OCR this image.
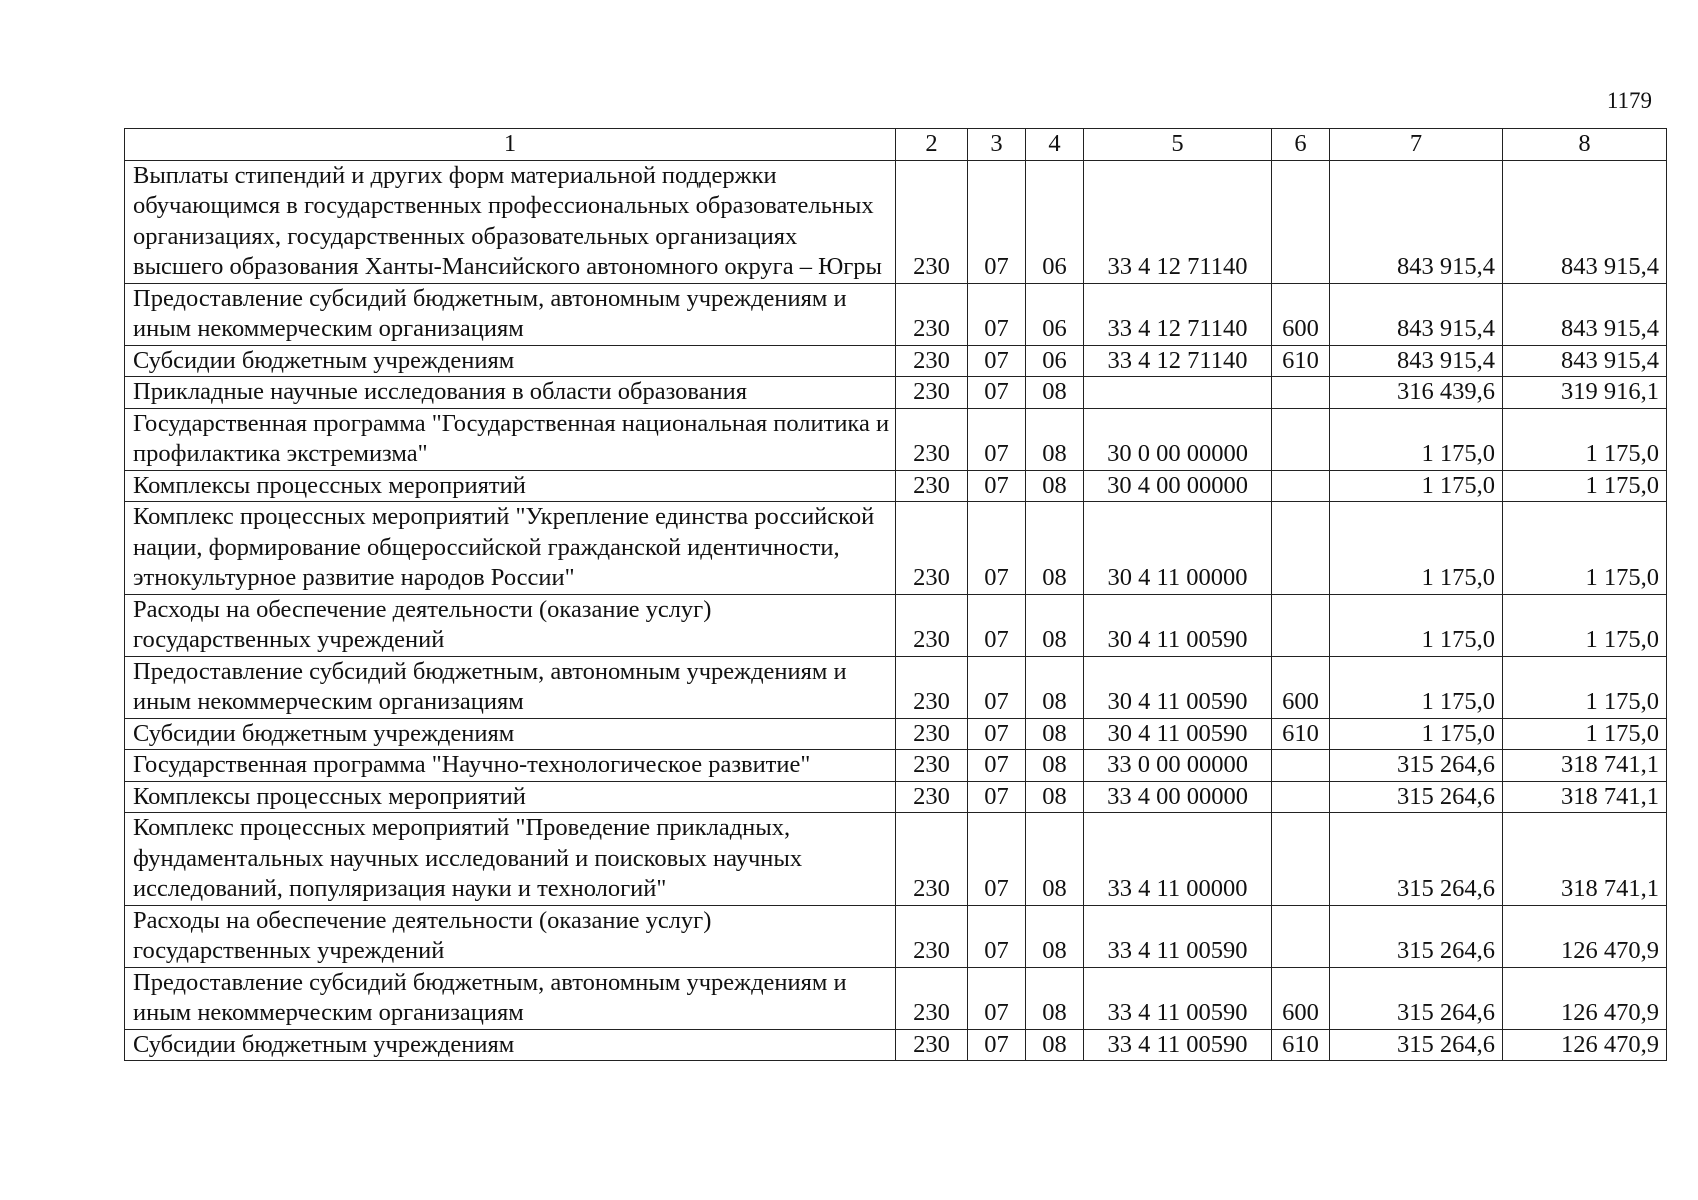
1179
1	2	3	4	5	6	7	8
Выплаты стипендий и других форм материальной поддержки обучающимся в государственных профессиональных образовательных организациях, государственных образовательных организациях высшего образования Ханты-Мансийского автономного округа – Югры	230	07	06	33 4 12 71140		843 915,4	843 915,4
Предоставление субсидий бюджетным, автономным учреждениям и иным некоммерческим организациям	230	07	06	33 4 12 71140	600	843 915,4	843 915,4
Субсидии бюджетным учреждениям	230	07	06	33 4 12 71140	610	843 915,4	843 915,4
Прикладные научные исследования в области образования	230	07	08			316 439,6	319 916,1
Государственная программа "Государственная национальная политика и профилактика экстремизма"	230	07	08	30 0 00 00000		1 175,0	1 175,0
Комплексы процессных мероприятий	230	07	08	30 4 00 00000		1 175,0	1 175,0
Комплекс процессных мероприятий "Укрепление единства российской нации, формирование общероссийской гражданской идентичности, этнокультурное развитие народов России"	230	07	08	30 4 11 00000		1 175,0	1 175,0
Расходы на обеспечение деятельности (оказание услуг) государственных учреждений	230	07	08	30 4 11 00590		1 175,0	1 175,0
Предоставление субсидий бюджетным, автономным учреждениям и иным некоммерческим организациям	230	07	08	30 4 11 00590	600	1 175,0	1 175,0
Субсидии бюджетным учреждениям	230	07	08	30 4 11 00590	610	1 175,0	1 175,0
Государственная программа "Научно-технологическое развитие"	230	07	08	33 0 00 00000		315 264,6	318 741,1
Комплексы процессных мероприятий	230	07	08	33 4 00 00000		315 264,6	318 741,1
Комплекс процессных мероприятий "Проведение прикладных, фундаментальных научных исследований и поисковых научных исследований, популяризация науки и технологий"	230	07	08	33 4 11 00000		315 264,6	318 741,1
Расходы на обеспечение деятельности (оказание услуг) государственных учреждений	230	07	08	33 4 11 00590		315 264,6	126 470,9
Предоставление субсидий бюджетным, автономным учреждениям и иным некоммерческим организациям	230	07	08	33 4 11 00590	600	315 264,6	126 470,9
Субсидии бюджетным учреждениям	230	07	08	33 4 11 00590	610	315 264,6	126 470,9
